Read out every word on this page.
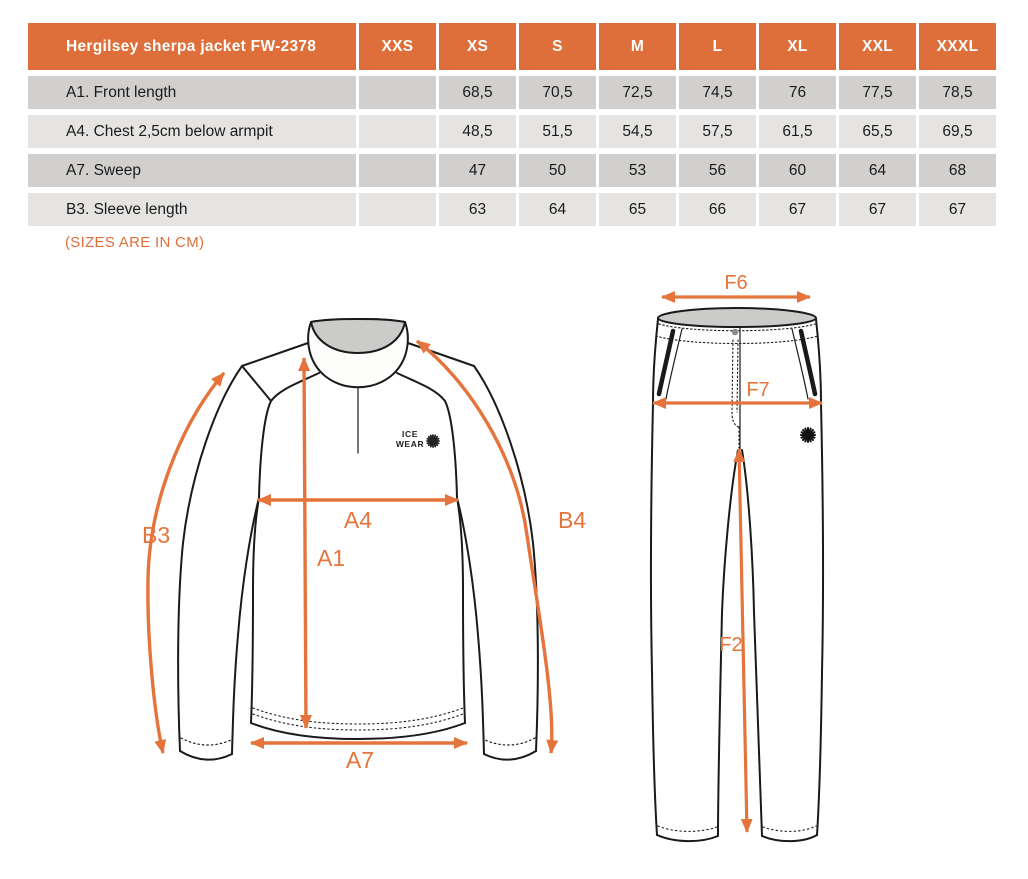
Hergilsey sherpa jacket FW-2378	XXS	XS	S	M	L	XL	XXL	XXXL
A1. Front length		68,5	70,5	72,5	74,5	76	77,5	78,5
A4. Chest 2,5cm below armpit		48,5	51,5	54,5	57,5	61,5	65,5	69,5
A7. Sweep		47	50	53	56	60	64	68
B3. Sleeve length		63	64	65	66	67	67	67
(SIZES ARE IN CM)
ICE
WEAR
A4
A1
B3
B4
A7
F6
F7
F2
